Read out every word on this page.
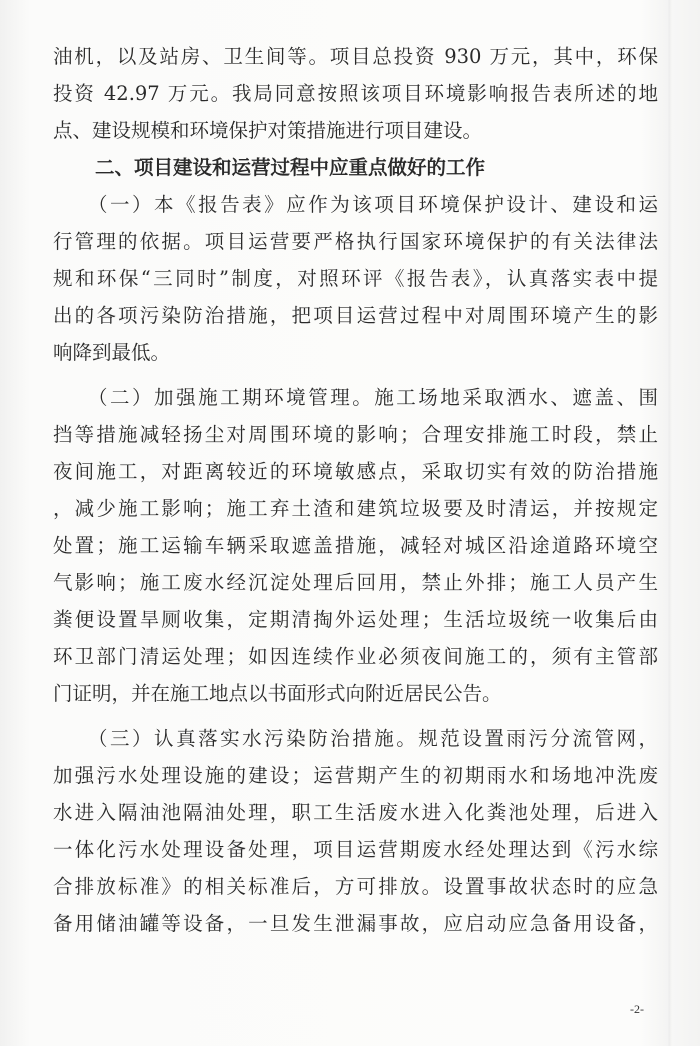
油机，以及站房、卫生间等。项目总投资 930 万元，其中，环保
投资 42.97 万元。我局同意按照该项目环境影响报告表所述的地
点、建设规模和环境保护对策措施进行项目建设。
二、项目建设和运营过程中应重点做好的工作
（一）本《报告表》应作为该项目环境保护设计、建设和运
行管理的依据。项目运营要严格执行国家环境保护的有关法律法
规和环保“三同时”制度，对照环评《报告表》，认真落实表中提
出的各项污染防治措施，把项目运营过程中对周围环境产生的影
响降到最低。
（二）加强施工期环境管理。施工场地采取洒水、遮盖、围
挡等措施减轻扬尘对周围环境的影响；合理安排施工时段，禁止
夜间施工，对距离较近的环境敏感点，采取切实有效的防治措施
，减少施工影响；施工弃土渣和建筑垃圾要及时清运，并按规定
处置；施工运输车辆采取遮盖措施，减轻对城区沿途道路环境空
气影响；施工废水经沉淀处理后回用，禁止外排；施工人员产生
粪便设置旱厕收集，定期清掏外运处理；生活垃圾统一收集后由
环卫部门清运处理；如因连续作业必须夜间施工的，须有主管部
门证明，并在施工地点以书面形式向附近居民公告。
（三）认真落实水污染防治措施。规范设置雨污分流管网，
加强污水处理设施的建设；运营期产生的初期雨水和场地冲洗废
水进入隔油池隔油处理，职工生活废水进入化粪池处理，后进入
一体化污水处理设备处理，项目运营期废水经处理达到《污水综
合排放标准》的相关标准后，方可排放。设置事故状态时的应急
备用储油罐等设备，一旦发生泄漏事故，应启动应急备用设备，
-2-
